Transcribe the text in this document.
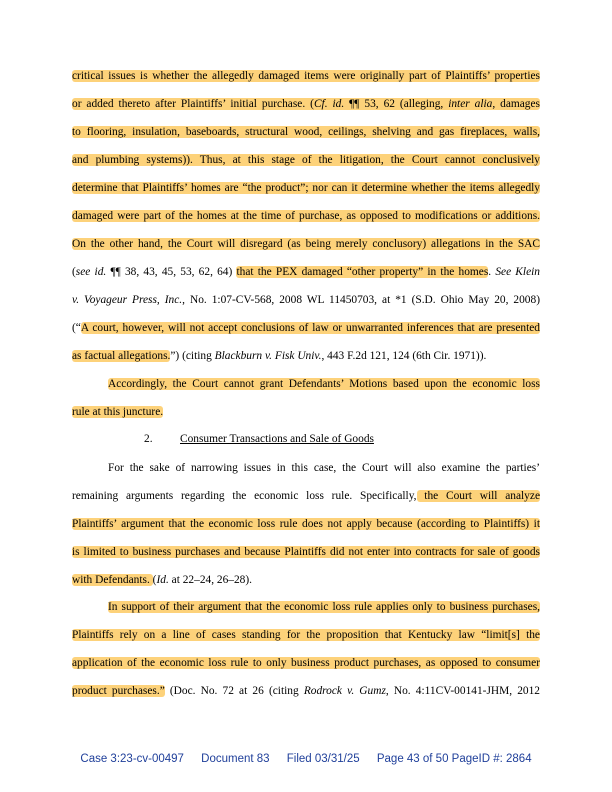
critical issues is whether the allegedly damaged items were originally part of Plaintiffs’ properties
or added thereto after Plaintiffs’ initial purchase. (Cf. id. ¶¶ 53, 62 (alleging, inter alia, damages
to flooring, insulation, baseboards, structural wood, ceilings, shelving and gas fireplaces, walls,
and plumbing systems)). Thus, at this stage of the litigation, the Court cannot conclusively
determine that Plaintiffs’ homes are “the product”; nor can it determine whether the items allegedly
damaged were part of the homes at the time of purchase, as opposed to modifications or additions.
On the other hand, the Court will disregard (as being merely conclusory) allegations in the SAC
(see id. ¶¶ 38, 43, 45, 53, 62, 64) that the PEX damaged “other property” in the homes. See Klein
v. Voyageur Press, Inc., No. 1:07-CV-568, 2008 WL 11450703, at *1 (S.D. Ohio May 20, 2008)
(“A court, however, will not accept conclusions of law or unwarranted inferences that are presented
as factual allegations.”) (citing Blackburn v. Fisk Univ., 443 F.2d 121, 124 (6th Cir. 1971)).
Accordingly, the Court cannot grant Defendants’ Motions based upon the economic loss
rule at this juncture.
2. Consumer Transactions and Sale of Goods
For the sake of narrowing issues in this case, the Court will also examine the parties’
remaining arguments regarding the economic loss rule. Specifically, the Court will analyze
Plaintiffs’ argument that the economic loss rule does not apply because (according to Plaintiffs) it
is limited to business purchases and because Plaintiffs did not enter into contracts for sale of goods
with Defendants. (Id. at 22–24, 26–28).
In support of their argument that the economic loss rule applies only to business purchases,
Plaintiffs rely on a line of cases standing for the proposition that Kentucky law “limit[s] the
application of the economic loss rule to only business product purchases, as opposed to consumer
product purchases.” (Doc. No. 72 at 26 (citing Rodrock v. Gumz, No. 4:11CV-00141-JHM, 2012
Case 3:23-cv-00497 Document 83 Filed 03/31/25 Page 43 of 50 PageID #: 2864
